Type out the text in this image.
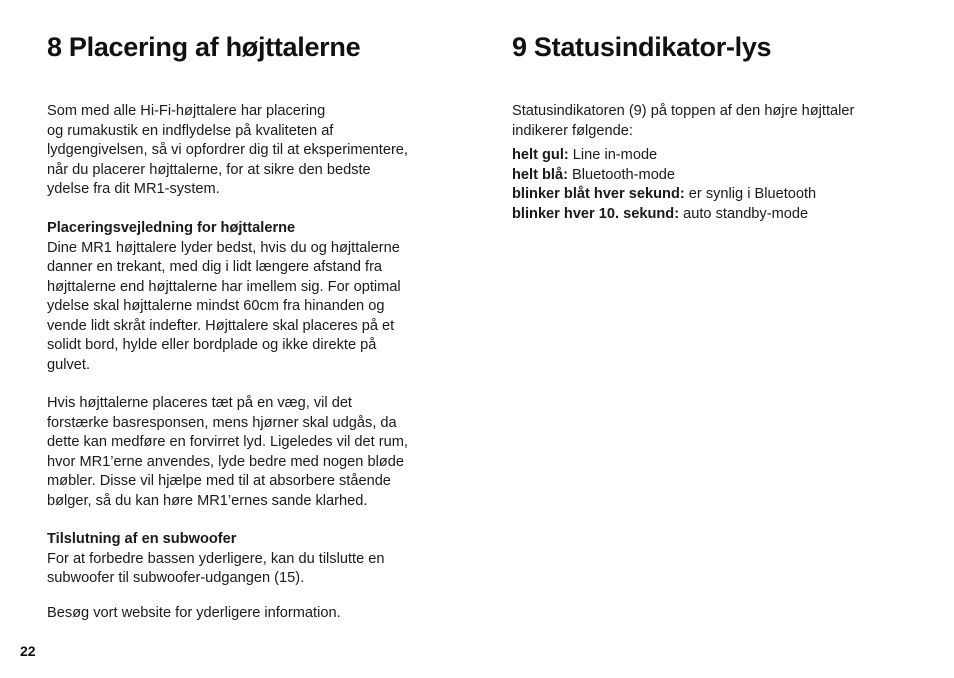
8 Placering af højttalerne
Som med alle Hi-Fi-højttalere har placering
og rumakustik en indflydelse på kvaliteten af
lydgengivelsen, så vi opfordrer dig til at eksperimentere,
når du placerer højttalerne, for at sikre den bedste
ydelse fra dit MR1-system.
Placeringsvejledning for højttalerne
Dine MR1 højttalere lyder bedst, hvis du og højttalerne
danner en trekant, med dig i lidt længere afstand fra
højttalerne end højttalerne har imellem sig. For optimal
ydelse skal højttalerne mindst 60cm fra hinanden og
vende lidt skråt indefter. Højttalere skal placeres på et
solidt bord, hylde eller bordplade og ikke direkte på
gulvet.
Hvis højttalerne placeres tæt på en væg, vil det
forstærke basresponsen, mens hjørner skal udgås, da
dette kan medføre en forvirret lyd. Ligeledes vil det rum,
hvor MR1’erne anvendes, lyde bedre med nogen bløde
møbler. Disse vil hjælpe med til at absorbere stående
bølger, så du kan høre MR1’ernes sande klarhed.
Tilslutning af en subwoofer
For at forbedre bassen yderligere, kan du tilslutte en
subwoofer til subwoofer-udgangen (15).
Besøg vort website for yderligere information.
9 Statusindikator-lys
Statusindikatoren (9) på toppen af den højre højttaler
indikerer følgende:
helt gul: Line in-mode
helt blå: Bluetooth-mode
blinker blåt hver sekund: er synlig i Bluetooth
blinker hver 10. sekund: auto standby-mode
22
